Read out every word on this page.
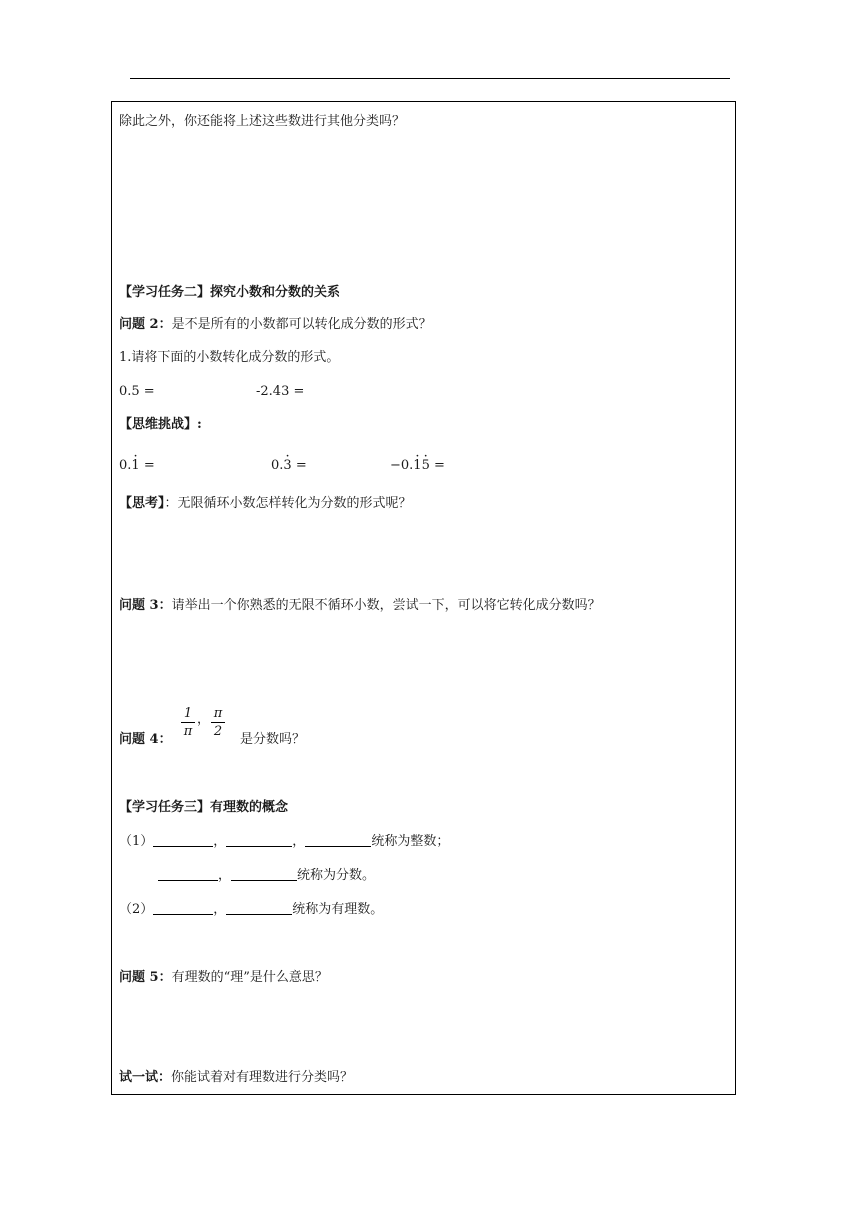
除此之外，你还能将上述这些数进行其他分类吗？
【学习任务二】探究小数和分数的关系
问题 2：是不是所有的小数都可以转化成分数的形式？
1.请将下面的小数转化成分数的形式。
0.5 =	-2.43 =
【思维挑战】:
0.· 1 =	0.· 3 =	−0.· 1· 5 =
【思考】：无限循环小数怎样转化为分数的形式呢？
问题 3：请举出一个你熟悉的无限不循环小数，尝试一下，可以将它转化成分数吗？
问题 4： $\frac{1}{\pi}$ ， $\frac{\pi}{2}$ 是分数吗？
【学习任务三】有理数的概念
（1）	，	，	统称为整数；
，	统称为分数。
（2）	，	统称为有理数。
问题 5：有理数的“理”是什么意思？
试一试：你能试着对有理数进行分类吗？
